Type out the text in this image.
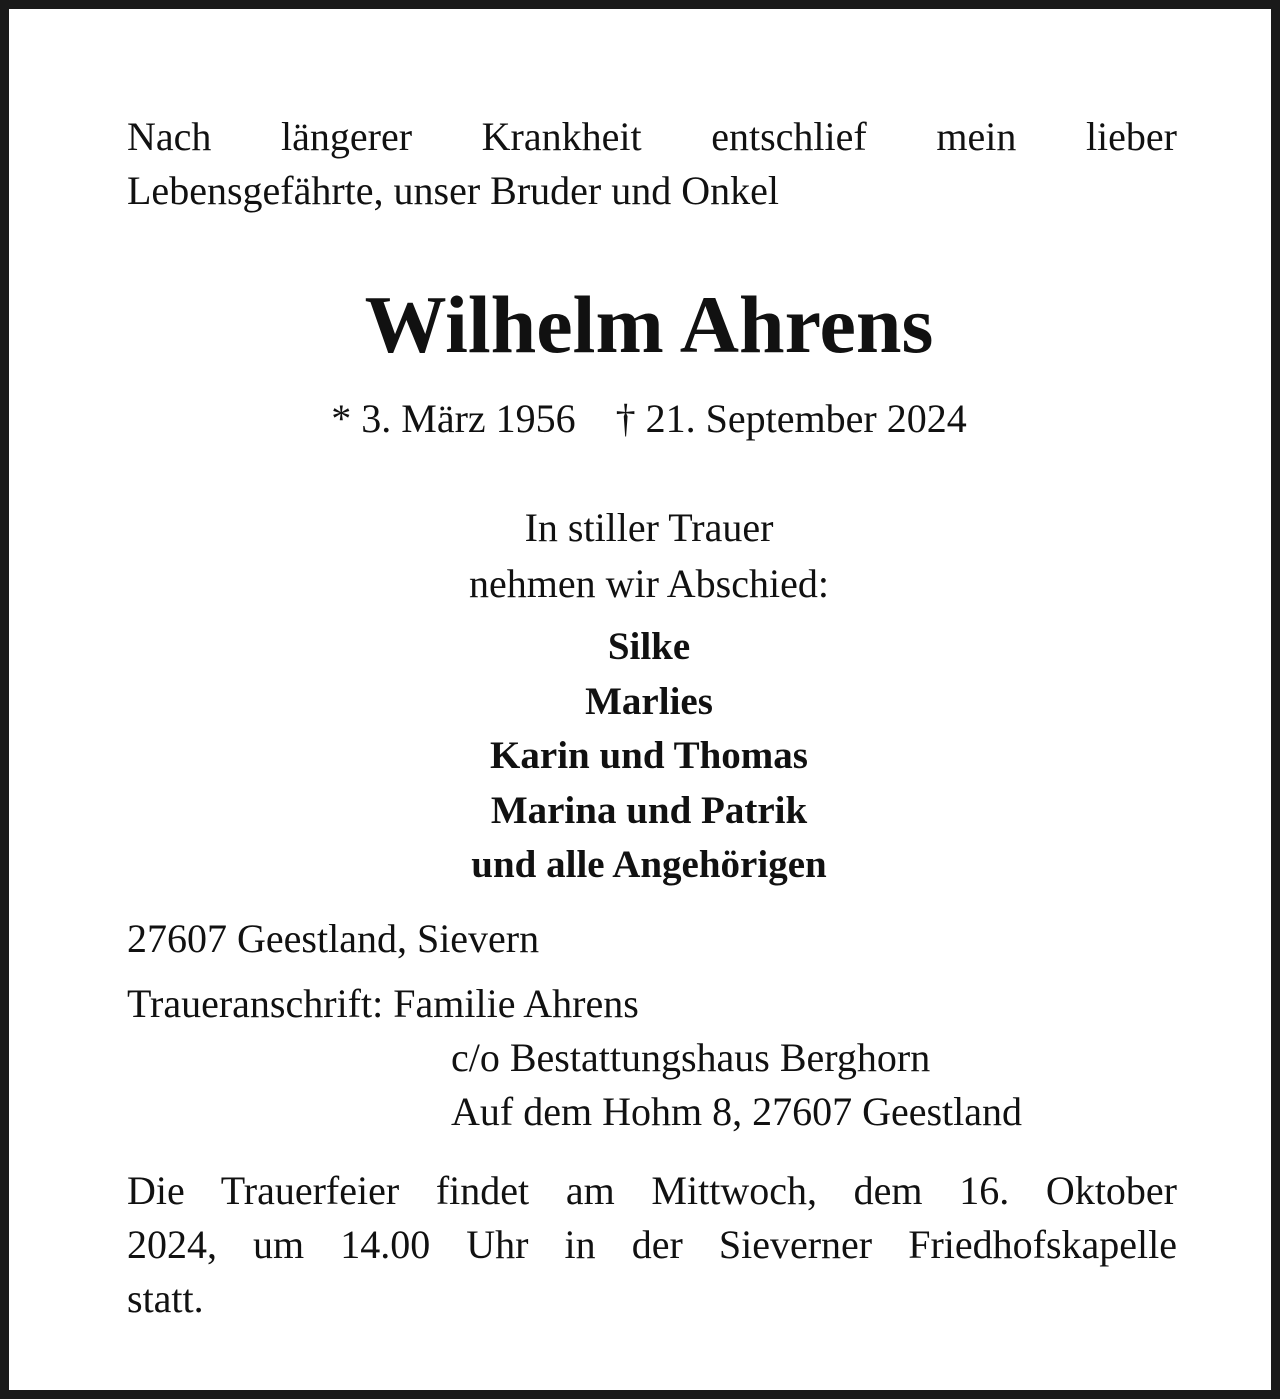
Nach längerer Krankheit entschlief mein lieber
Lebensgefährte, unser Bruder und Onkel
Wilhelm Ahrens
* 3. März 1956 † 21. September 2024
In stiller Trauer
nehmen wir Abschied:
Silke
Marlies
Karin und Thomas
Marina und Patrik
und alle Angehörigen
27607 Geestland, Sievern
Traueranschrift: Familie Ahrens
c/o Bestattungshaus Berghorn
Auf dem Hohm 8, 27607 Geestland
Die Trauerfeier findet am Mittwoch, dem 16. Oktober
2024, um 14.00 Uhr in der Sieverner Friedhofskapelle
statt.
